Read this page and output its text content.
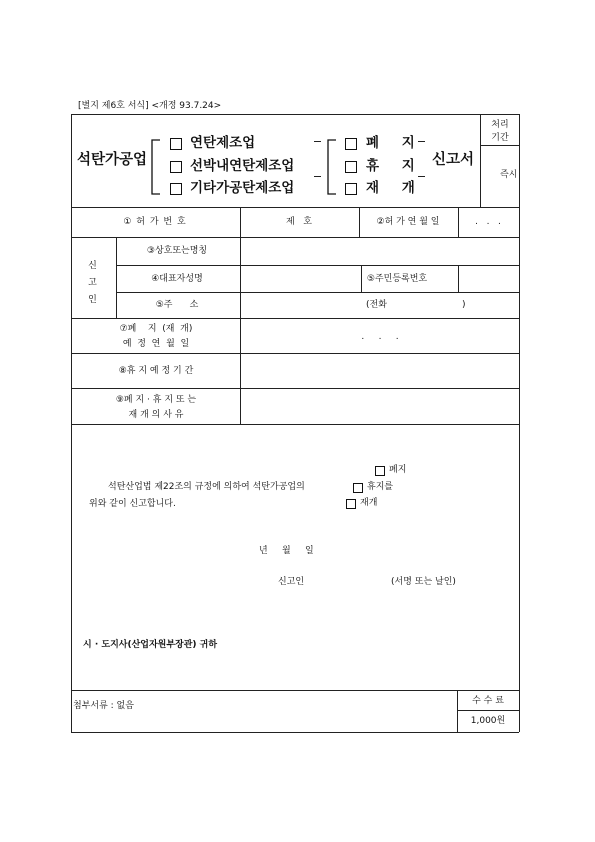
[별지 제6호 서식] <개정 93.7.24>
석탄가공업
연탄제조업
선박내연탄제조업
기타가공탄제조업
폐 지
휴 지
재 개
신고서
처리기간
즉시
① 허 가 번 호	제   호	②허 가 연 월 일	.   .   .
신 고 인
③상호또는명칭
④대표자성명	⑤주민등록번호
⑤주      소	(전화	)
⑦폐    지  (재  개)
예  정  연  월  일
.     .     .
⑧휴 지 예 정 기 간
⑨폐 지 · 휴 지 또 는
재 개 의 사 유
폐지
석탄산업법 제22조의 규정에 의하여 석탄가공업의	휴지를
위와 같이 신고합니다.	재개
년     월     일
신고인	(서명 또는 날인)
시 · 도지사(산업자원부장관) 귀하
첨부서류 : 없음	수 수 료
1,000원
